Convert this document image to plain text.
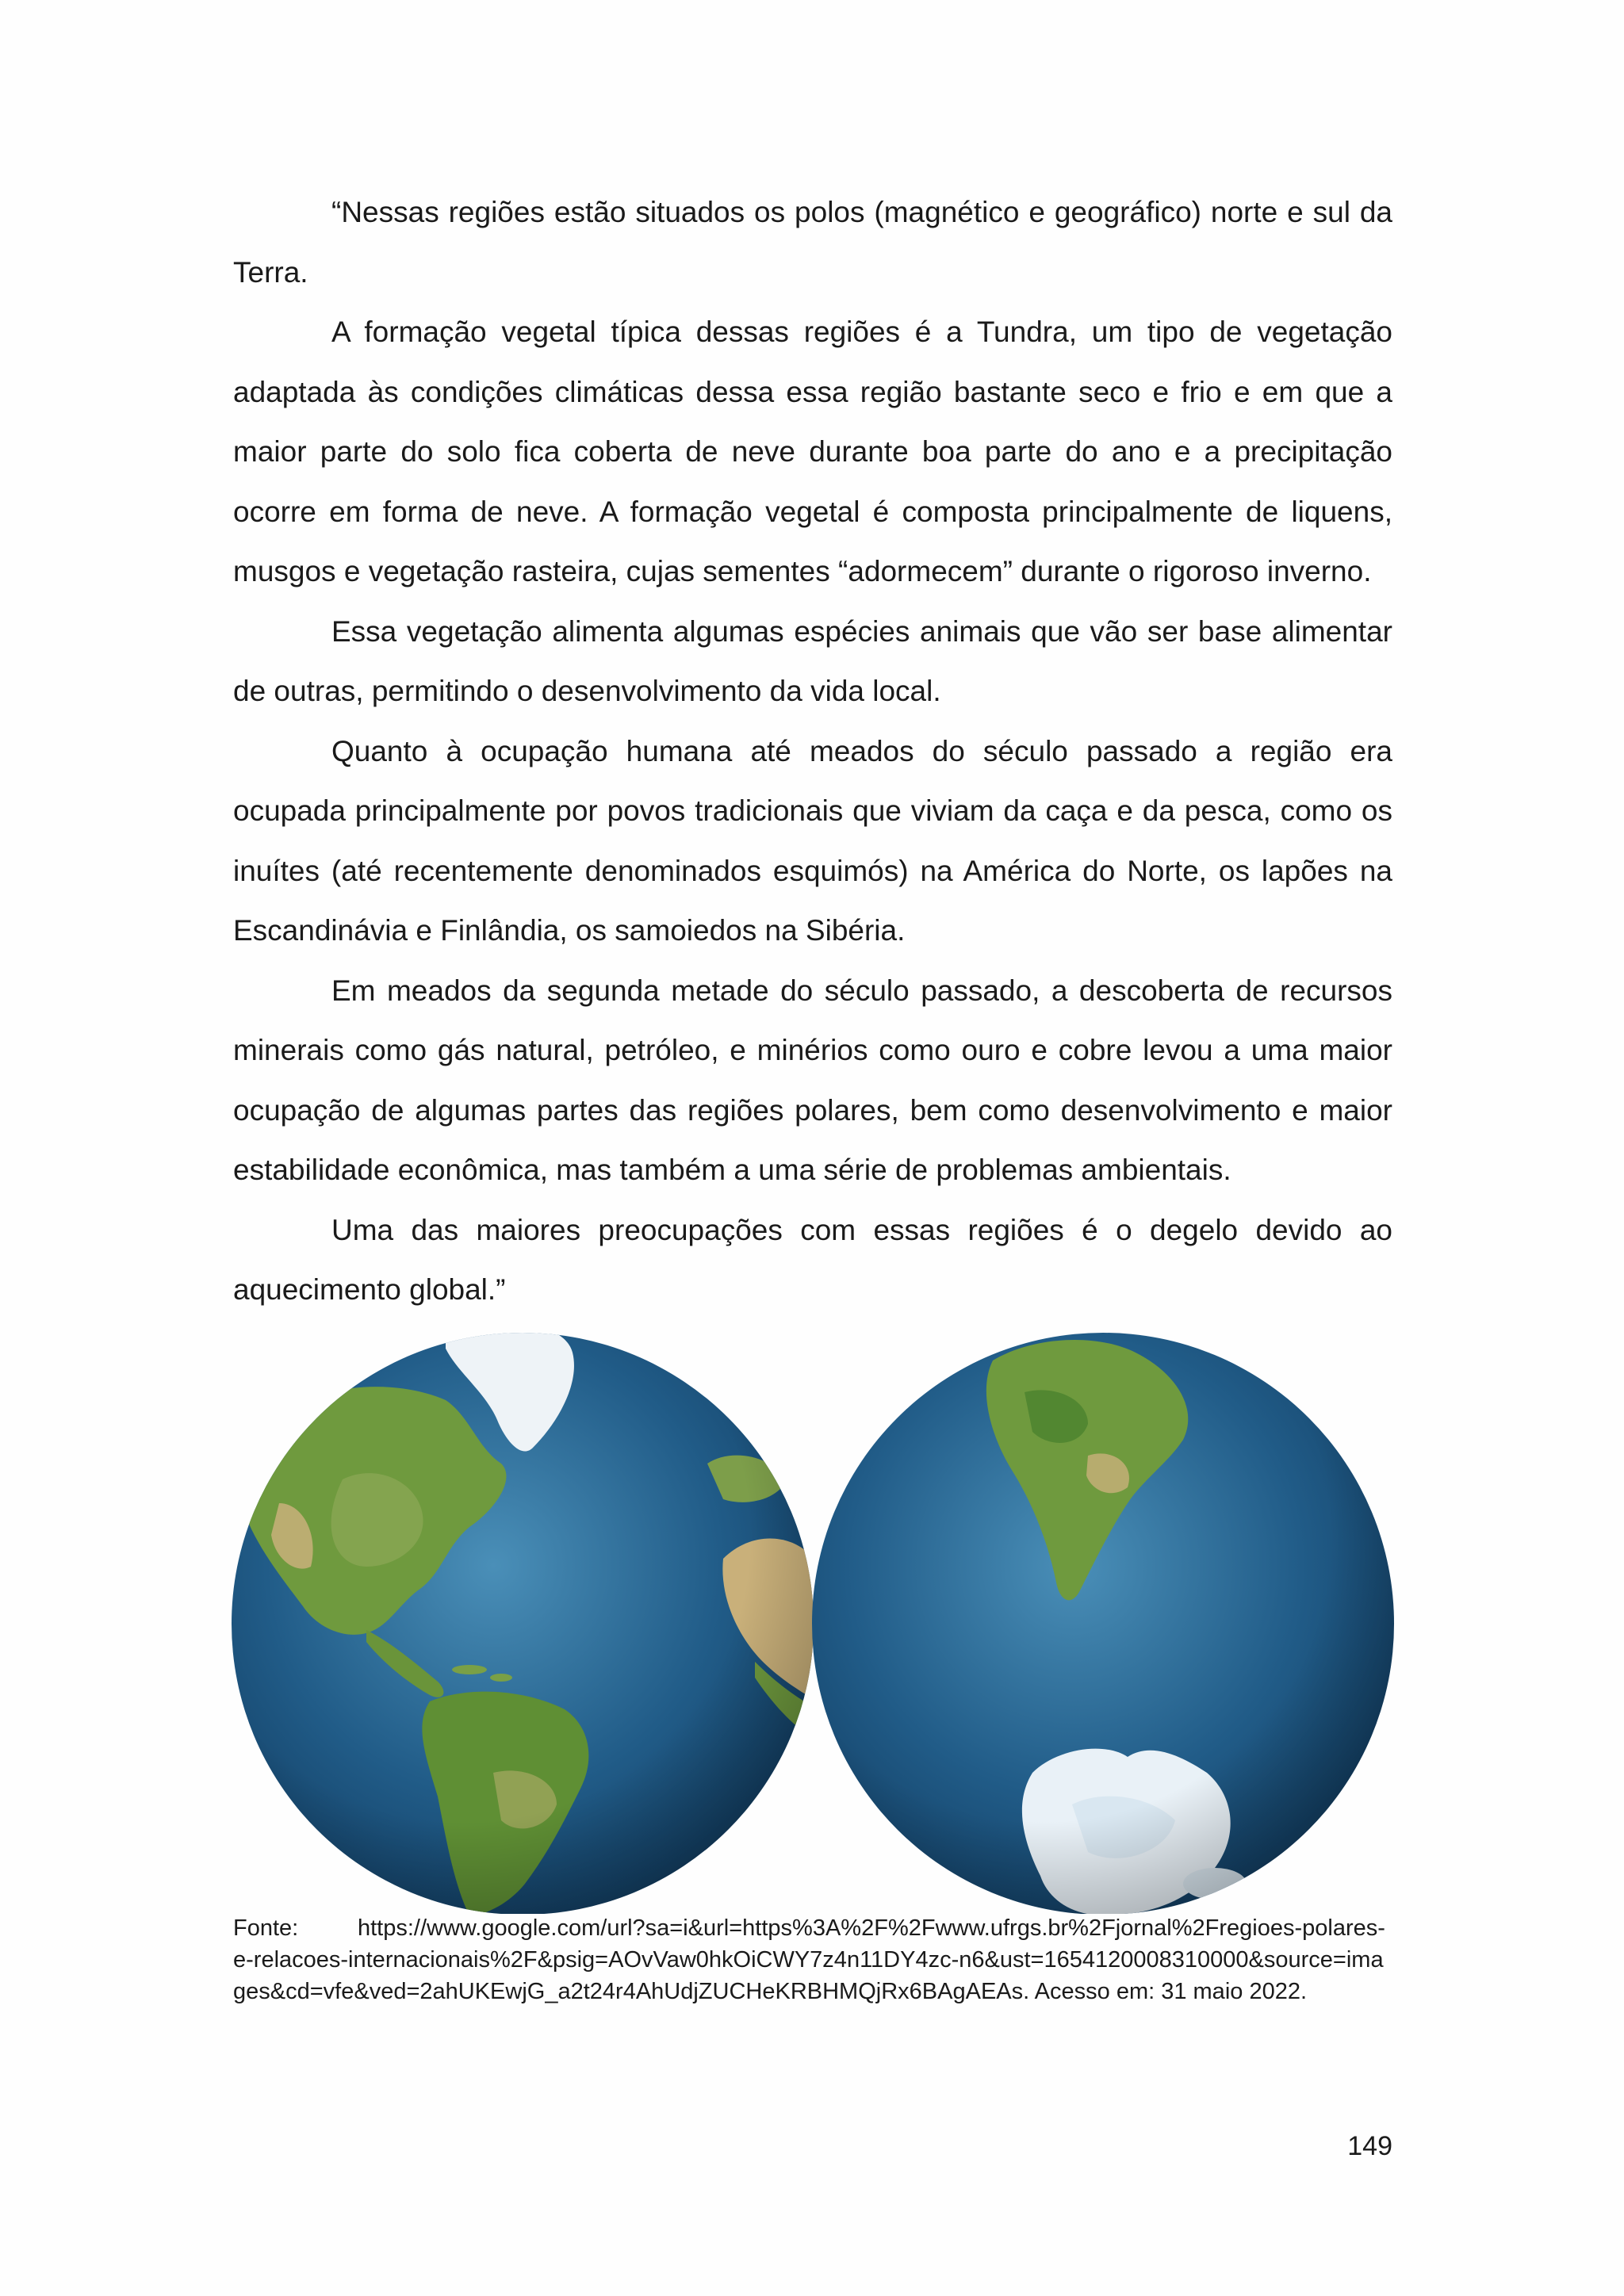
“Nessas regiões estão situados os polos (magnético e geográfico) norte e sul da Terra.

A formação vegetal típica dessas regiões é a Tundra, um tipo de vegetação adaptada às condições climáticas dessa essa região bastante seco e frio e em que a maior parte do solo fica coberta de neve durante boa parte do ano e a precipitação ocorre em forma de neve. A formação vegetal é composta principalmente de liquens, musgos e vegetação rasteira, cujas sementes “adormecem” durante o rigoroso inverno.

Essa vegetação alimenta algumas espécies animais que vão ser base alimentar de outras, permitindo o desenvolvimento da vida local.

Quanto à ocupação humana até meados do século passado a região era ocupada principalmente por povos tradicionais que viviam da caça e da pesca, como os inuítes (até recentemente denominados esquimós) na América do Norte, os lapões na Escandinávia e Finlândia, os samoiedos na Sibéria.

Em meados da segunda metade do século passado, a descoberta de recursos minerais como gás natural, petróleo, e minérios como ouro e cobre levou a uma maior ocupação de algumas partes das regiões polares, bem como desenvolvimento e maior estabilidade econômica, mas também a uma série de problemas ambientais.

Uma das maiores preocupações com essas regiões é o degelo devido ao aquecimento global.”

Fonte:	https://www.google.com/url?sa=i&url=https%3A%2F%2Fwww.ufrgs.br%2Fjornal%2Fregioes-polares-e-relacoes-internacionais%2F&psig=AOvVaw0hkOiCWY7z4n11DY4zc-n6&ust=1654120008310000&source=images&cd=vfe&ved=2ahUKEwjG_a2t24r4AhUdjZUCHeKRBHMQjRx6BAgAEAs. Acesso em: 31 maio 2022.
149
